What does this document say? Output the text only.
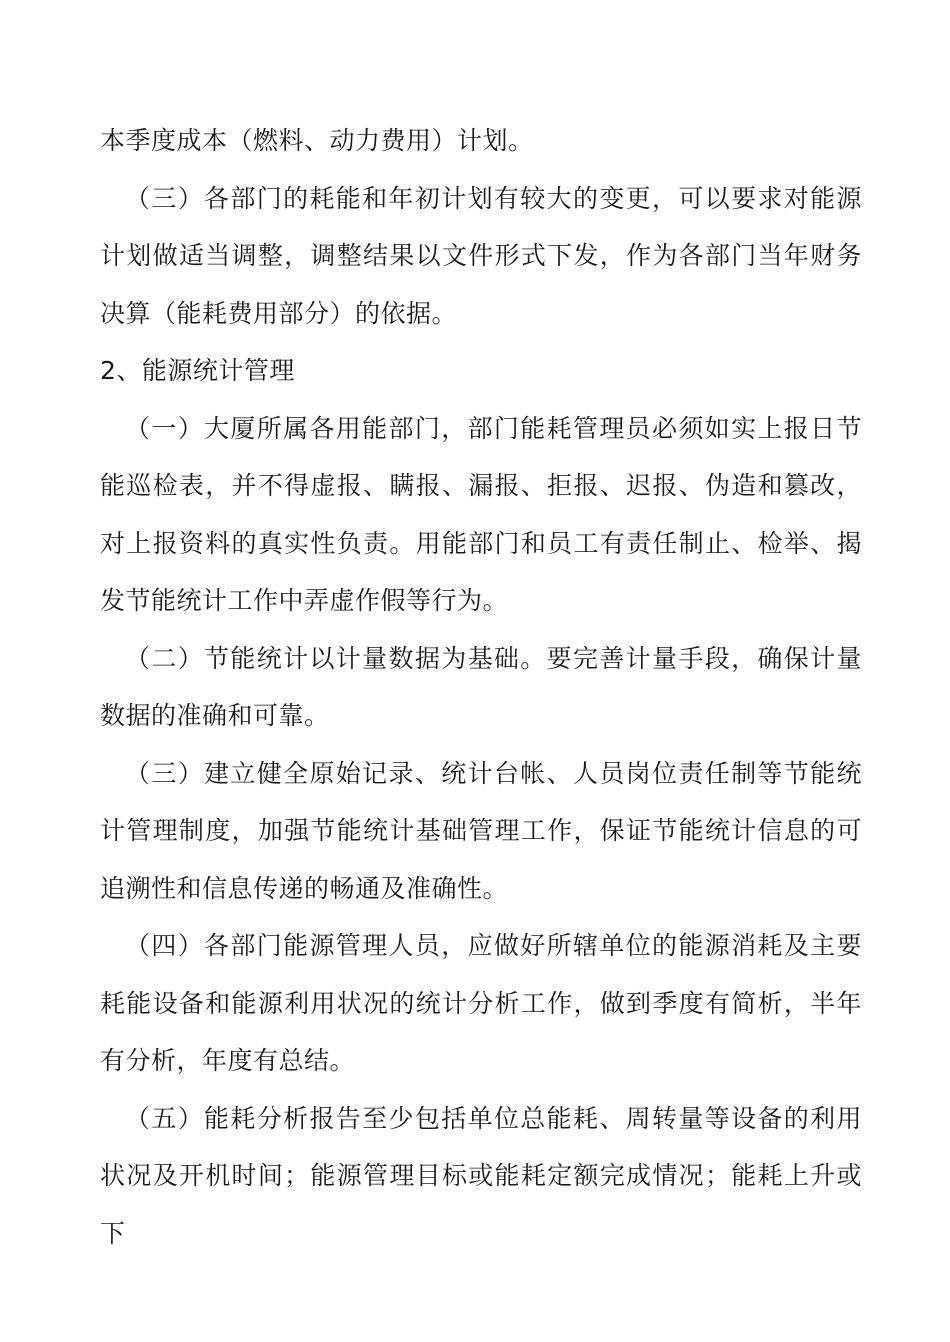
本季度成本（燃料、动力费用）计划。

（三）各部门的耗能和年初计划有较大的变更，可以要求对能源计划做适当调整，调整结果以文件形式下发，作为各部门当年财务决算（能耗费用部分）的依据。

2、能源统计管理

（一）大厦所属各用能部门，部门能耗管理员必须如实上报日节能巡检表，并不得虚报、瞒报、漏报、拒报、迟报、伪造和篡改，对上报资料的真实性负责。用能部门和员工有责任制止、检举、揭发节能统计工作中弄虚作假等行为。

（二）节能统计以计量数据为基础。要完善计量手段，确保计量数据的准确和可靠。

（三）建立健全原始记录、统计台帐、人员岗位责任制等节能统计管理制度，加强节能统计基础管理工作，保证节能统计信息的可追溯性和信息传递的畅通及准确性。

（四）各部门能源管理人员，应做好所辖单位的能源消耗及主要耗能设备和能源利用状况的统计分析工作，做到季度有简析，半年有分析，年度有总结。

（五）能耗分析报告至少包括单位总能耗、周转量等设备的利用状况及开机时间；能源管理目标或能耗定额完成情况；能耗上升或下
